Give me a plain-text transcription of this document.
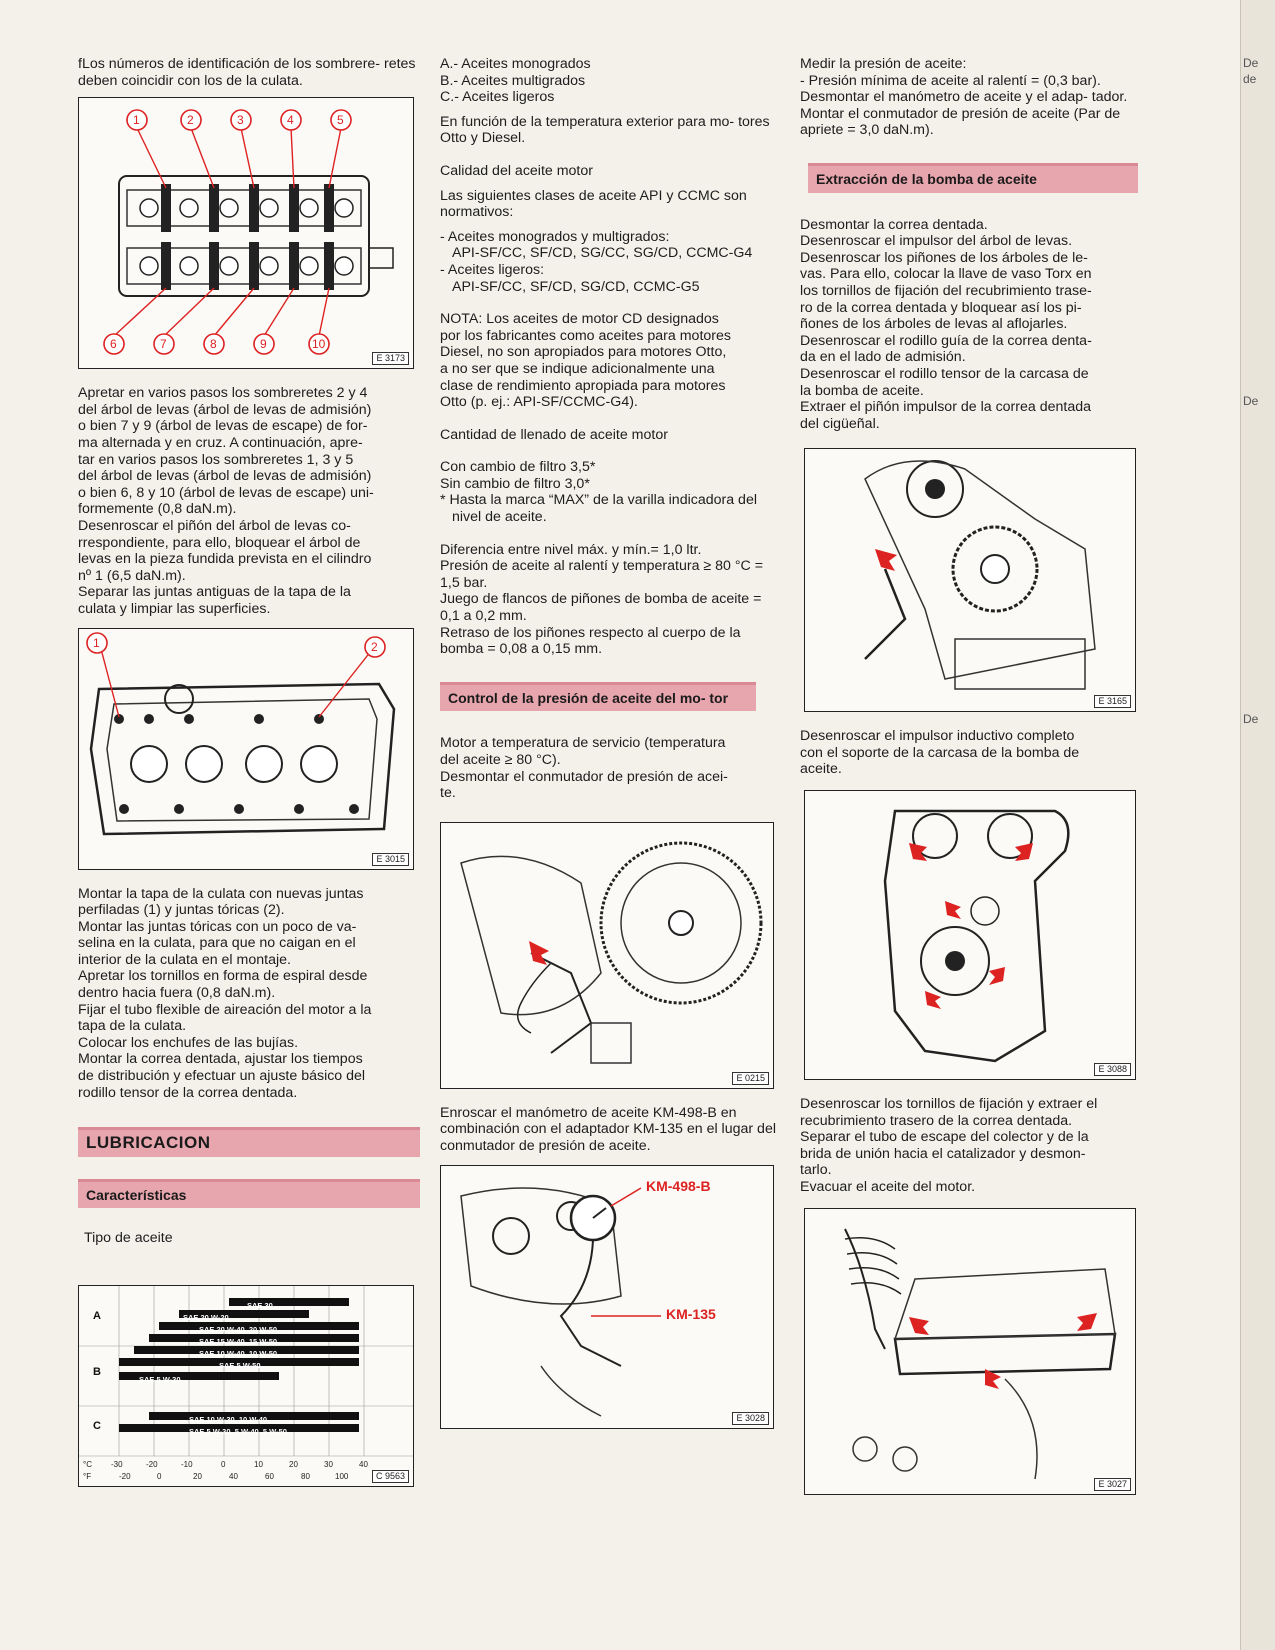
fLos números de identificación de los sombrere- retes deben coincidir con los de la culata.

1	2	3	4	5
6	7	8	9	10
E 3173

Apretar en varios pasos los sombreretes 2 y 4

del árbol de levas (árbol de levas de admisión)

o bien 7 y 9 (árbol de levas de escape) de for-

ma alternada y en cruz. A continuación, apre-

tar en varios pasos los sombreretes 1, 3 y 5

del árbol de levas (árbol de levas de admisión)

o bien 6, 8 y 10 (árbol de levas de escape) uni-

formemente (0,8 daN.m).

Desenroscar el piñón del árbol de levas co-

rrespondiente, para ello, bloquear el árbol de

levas en la pieza fundida prevista en el cilindro

nº 1 (6,5 daN.m).

Separar las juntas antiguas de la tapa de la

culata y limpiar las superficies.

1	2
E 3015

Montar la tapa de la culata con nuevas juntas

perfiladas (1) y juntas tóricas (2).

Montar las juntas tóricas con un poco de va-

selina en la culata, para que no caigan en el

interior de la culata en el montaje.

Apretar los tornillos en forma de espiral desde

dentro hacia fuera (0,8 daN.m).

Fijar el tubo flexible de aireación del motor a la

tapa de la culata.

Colocar los enchufes de las bujías.

Montar la correa dentada, ajustar los tiempos

de distribución y efectuar un ajuste básico del

rodillo tensor de la correa dentada.

LUBRICACION
Características

Tipo de aceite

SAE 30
SAE 20 W-20
SAE 20 W-40, 20 W-50
SAE 15 W-40, 15 W-50
SAE 10 W-40, 10 W-50
SAE 5 W-50
SAE 5 W-30
SAE 10 W-30, 10 W-40
SAE 5 W-30, 5 W-40, 5 W-50
A
B
C
°C -30	-20	-10	0	10	20	30	40
°F	-20	0	20	40	60	80	100	C 9563

A.- Aceites monogrados

B.- Aceites multigrados

C.- Aceites ligeros

En función de la temperatura exterior para mo- tores Otto y Diesel.

Calidad del aceite motor

Las siguientes clases de aceite API y CCMC son normativos:

- Aceites monogrados y multigrados:

API-SF/CC, SF/CD, SG/CC, SG/CD, CCMC-G4

- Aceites ligeros:

API-SF/CC, SF/CD, SG/CD, CCMC-G5

NOTA: Los aceites de motor CD designados

por los fabricantes como aceites para motores

Diesel, no son apropiados para motores Otto,

a no ser que se indique adicionalmente una

clase de rendimiento apropiada para motores

Otto (p. ej.: API-SF/CCMC-G4).

Cantidad de llenado de aceite motor

Con cambio de filtro 3,5*

Sin cambio de filtro 3,0*

* Hasta la marca “MAX” de la varilla indicadora del nivel de aceite.

Diferencia entre nivel máx. y mín.= 1,0 ltr.

Presión de aceite al ralentí y temperatura ≥ 80 °C = 1,5 bar.

Juego de flancos de piñones de bomba de aceite = 0,1 a 0,2 mm.

Retraso de los piñones respecto al cuerpo de la bomba = 0,08 a 0,15 mm.

Control de la presión de aceite del mo- tor

Motor a temperatura de servicio (temperatura

del aceite ≥ 80 °C).

Desmontar el conmutador de presión de acei-

te.

E 0215

Enroscar el manómetro de aceite KM-498-B en combinación con el adaptador KM-135 en el lugar del conmutador de presión de aceite.

KM-498-B
KM-135
E 3028

Medir la presión de aceite:

- Presión mínima de aceite al ralentí = (0,3 bar).

Desmontar el manómetro de aceite y el adap- tador.

Montar el conmutador de presión de aceite (Par de apriete = 3,0 daN.m).

Extracción de la bomba de aceite

Desmontar la correa dentada.

Desenroscar el impulsor del árbol de levas.

Desenroscar los piñones de los árboles de le-

vas. Para ello, colocar la llave de vaso Torx en

los tornillos de fijación del recubrimiento trase-

ro de la correa dentada y bloquear así los pi-

ñones de los árboles de levas al aflojarles.

Desenroscar el rodillo guía de la correa denta-

da en el lado de admisión.

Desenroscar el rodillo tensor de la carcasa de

la bomba de aceite.

Extraer el piñón impulsor de la correa dentada

del cigüeñal.

E 3165

Desenroscar el impulsor inductivo completo

con el soporte de la carcasa de la bomba de

aceite.

E 3088

Desenroscar los tornillos de fijación y extraer el

recubrimiento trasero de la correa dentada.

Separar el tubo de escape del colector y de la

brida de unión hacia el catalizador y desmon-

tarlo.

Evacuar el aceite del motor.

E 3027
De
de
De
De
